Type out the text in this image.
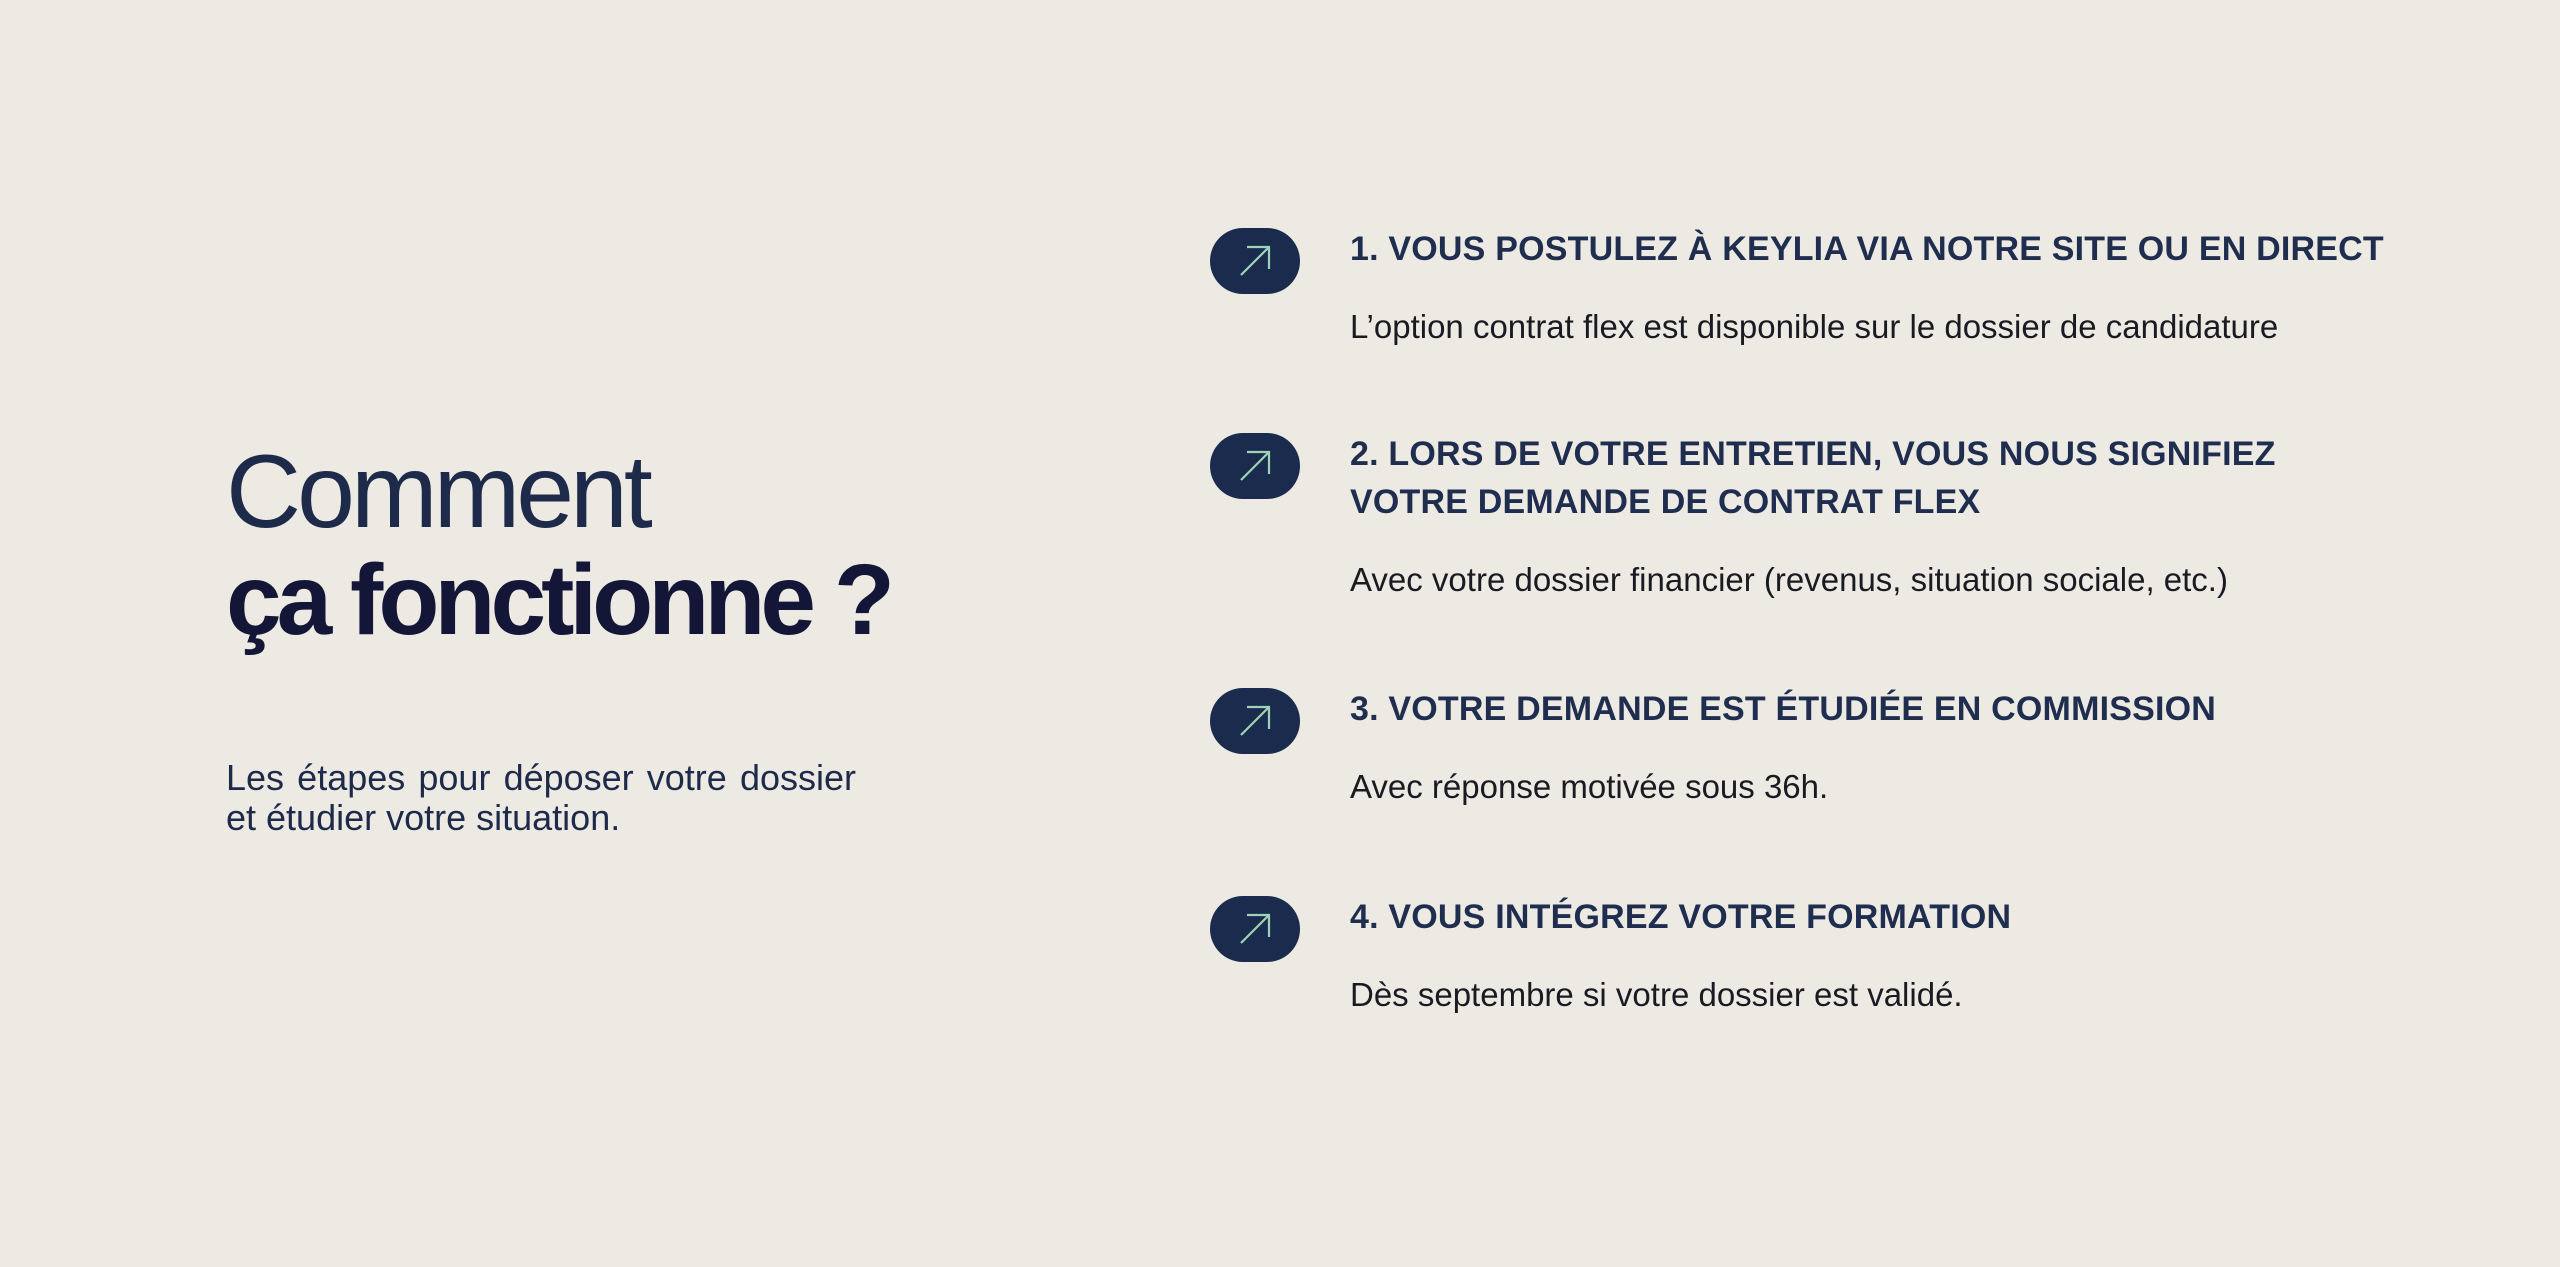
Comment
ça fonctionne ?
Les étapes pour déposer votre dossier et étudier votre situation.
1. VOUS POSTULEZ À KEYLIA VIA NOTRE SITE OU EN DIRECT
L’option contrat flex est disponible sur le dossier de candidature
2. LORS DE VOTRE ENTRETIEN, VOUS NOUS SIGNIFIEZ
VOTRE DEMANDE DE CONTRAT FLEX
Avec votre dossier financier (revenus, situation sociale, etc.)
3. VOTRE DEMANDE EST ÉTUDIÉE EN COMMISSION
Avec réponse motivée sous 36h.
4. VOUS INTÉGREZ VOTRE FORMATION
Dès septembre si votre dossier est validé.
